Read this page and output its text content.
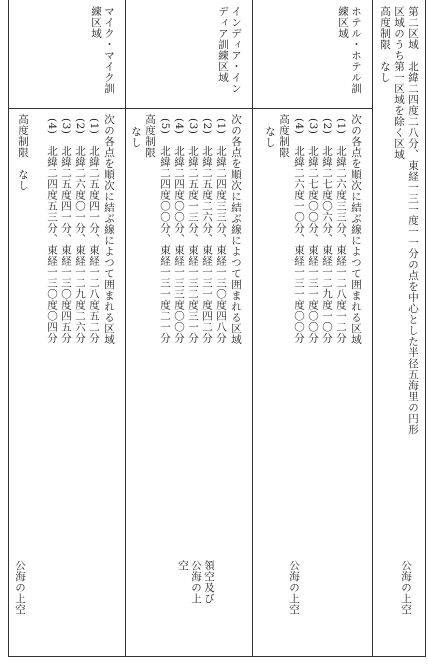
第二区域　北緯二四度二八分、東経一三一度一一分の点を中心とした半径五海里の円形
区域のうち第一区域を除く区域
高度制限　なし
ホテル・ホテル訓練区域
次の各点を順次に結ぶ線によつて囲まれる区域
(1)　北緯二六度三三分、東経一二八度一二分
(2)　北緯二七度〇六分、東経一二九度一〇分
(3)　北緯二七度〇〇分、東経一三一度〇〇分
(4)　北緯二六度一〇分、東経一三一度〇〇分
高度制限
なし
インディア・インディア訓練区域
次の各点を順次に結ぶ線によつて囲まれる区域
(1)　北緯二四度三三分、東経一三〇度四八分
(2)　北緯二五度二六分、東経一三一度四二分
(3)　北緯二五度一三分、東経一三二度三一分
(4)　北緯二四度〇〇分、東経一三三度〇〇分
(5)　北緯二四度〇〇分、東経一三一度二一分
高度制限
なし
マイク・マイク訓練区域
次の各点を順次に結ぶ線によつて囲まれる区域
(1)　北緯二五度四一分、東経一二八度五二分
(2)　北緯二六度〇一分、東経一二九度二六分
(3)　北緯二五度四一分、東経一三〇度四五分
(4)　北緯二四度五三分、東経一三〇度〇四分
高度制限　なし
公海の上空
公海の上空
領空及び公海の上空
公海の上空
